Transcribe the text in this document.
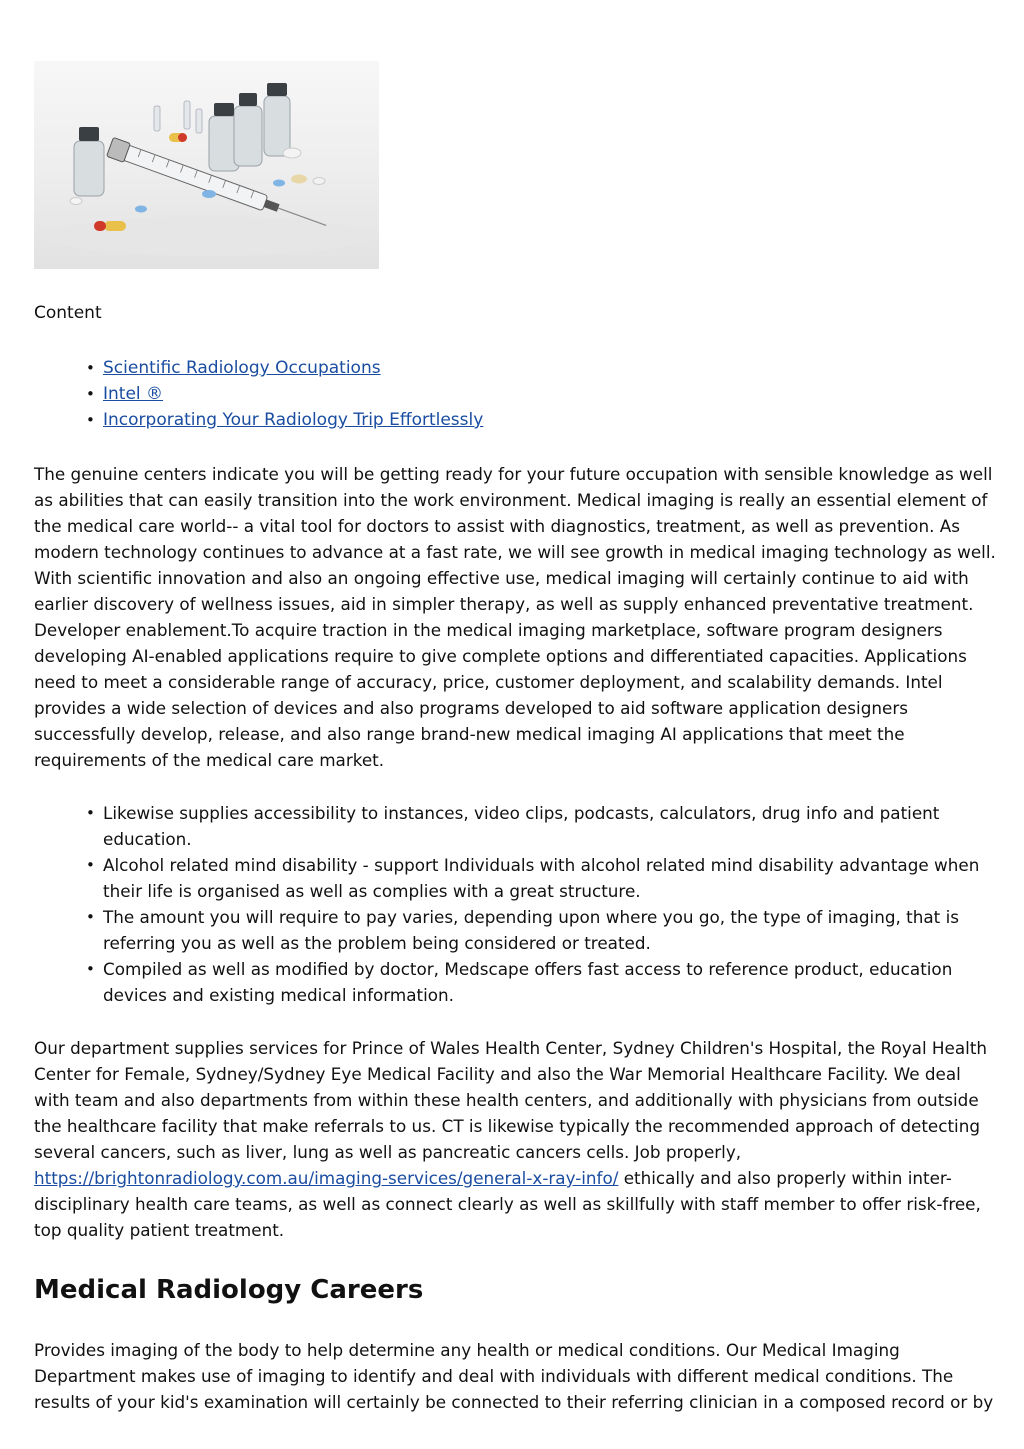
Content
• Scientific Radiology Occupations
• Intel ®
• Incorporating Your Radiology Trip Effortlessly

The genuine centers indicate you will be getting ready for your future occupation with sensible knowledge as well as abilities that can easily transition into the work environment. Medical imaging is really an essential element of the medical care world-- a vital tool for doctors to assist with diagnostics, treatment, as well as prevention. As modern technology continues to advance at a fast rate, we will see growth in medical imaging technology as well. With scientific innovation and also an ongoing effective use, medical imaging will certainly continue to aid with earlier discovery of wellness issues, aid in simpler therapy, as well as supply enhanced preventative treatment. Developer enablement.To acquire traction in the medical imaging marketplace, software program designers developing AI-enabled applications require to give complete options and differentiated capacities. Applications need to meet a considerable range of accuracy, price, customer deployment, and scalability demands. Intel provides a wide selection of devices and also programs developed to aid software application designers successfully develop, release, and also range brand-new medical imaging AI applications that meet the requirements of the medical care market.

• Likewise supplies accessibility to instances, video clips, podcasts, calculators, drug info and patient education.
• Alcohol related mind disability - support Individuals with alcohol related mind disability advantage when their life is organised as well as complies with a great structure.
• The amount you will require to pay varies, depending upon where you go, the type of imaging, that is referring you as well as the problem being considered or treated.
• Compiled as well as modified by doctor, Medscape offers fast access to reference product, education devices and existing medical information.

Our department supplies services for Prince of Wales Health Center, Sydney Children's Hospital, the Royal Health Center for Female, Sydney/Sydney Eye Medical Facility and also the War Memorial Healthcare Facility. We deal with team and also departments from within these health centers, and additionally with physicians from outside the healthcare facility that make referrals to us. CT is likewise typically the recommended approach of detecting several cancers, such as liver, lung as well as pancreatic cancers cells. Job properly, https://brightonradiology.com.au/imaging-services/general-x-ray-info/ ethically and also properly within inter-disciplinary health care teams, as well as connect clearly as well as skillfully with staff member to offer risk-free, top quality patient treatment.

Medical Radiology Careers

Provides imaging of the body to help determine any health or medical conditions. Our Medical Imaging Department makes use of imaging to identify and deal with individuals with different medical conditions. The results of your kid's examination will certainly be connected to their referring clinician in a composed record or by
